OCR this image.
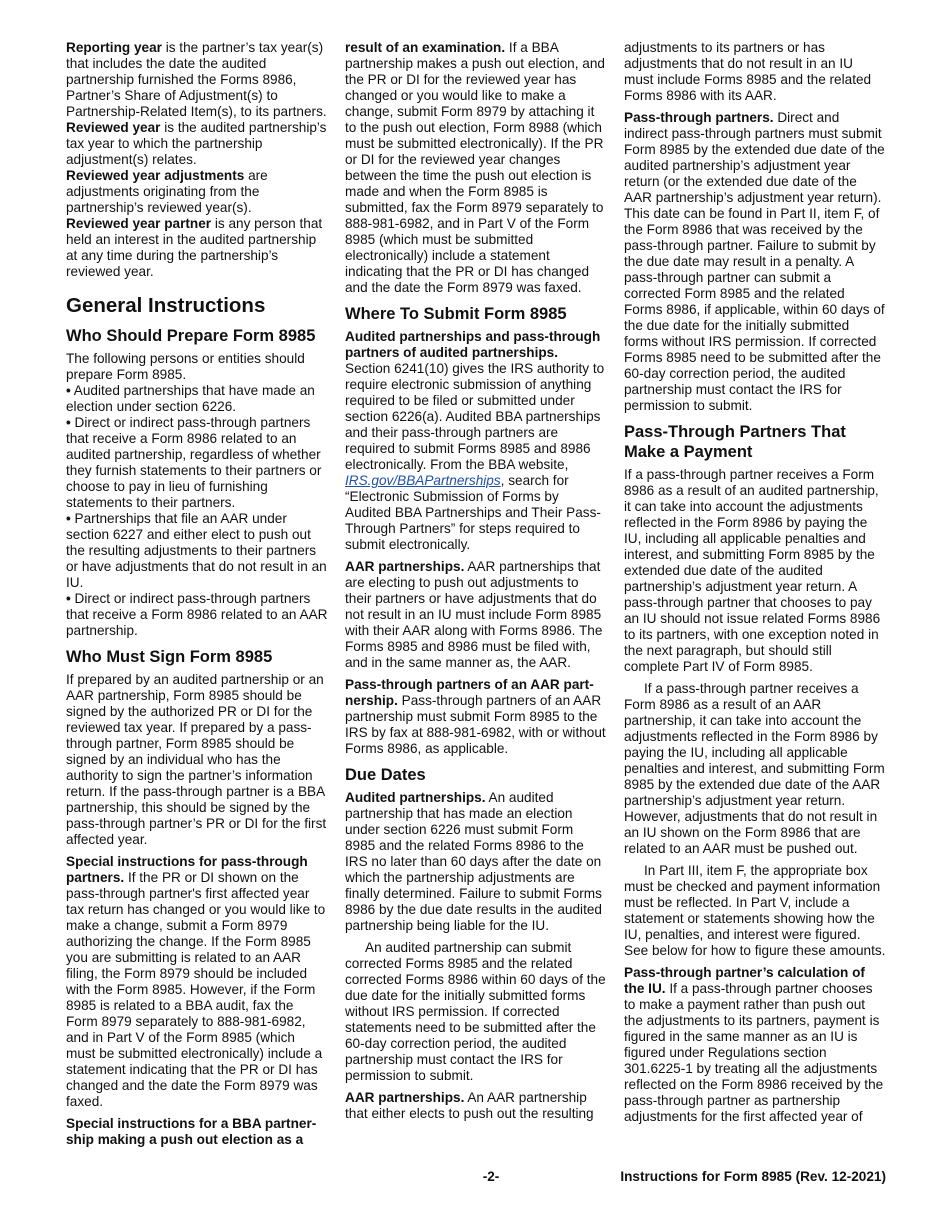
Reporting year is the partner’s tax year(s) that includes the date the audited partnership furnished the Forms 8986, Partner’s Share of Adjustment(s) to Partnership-Related Item(s), to its partners.

Reviewed year is the audited partnership’s tax year to which the partnership adjustment(s) relates.

Reviewed year adjustments are adjustments originating from the partnership’s reviewed year(s).

Reviewed year partner is any person that held an interest in the audited partnership at any time during the partnership’s reviewed year.

General Instructions
Who Should Prepare Form 8985

The following persons or entities should prepare Form 8985.

• Audited partnerships that have made an election under section 6226.

• Direct or indirect pass-through partners that receive a Form 8986 related to an audited partnership, regardless of whether they furnish statements to their partners or choose to pay in lieu of furnishing statements to their partners.

• Partnerships that file an AAR under section 6227 and either elect to push out the resulting adjustments to their partners or have adjustments that do not result in an IU.

• Direct or indirect pass-through partners that receive a Form 8986 related to an AAR partnership.

Who Must Sign Form 8985

If prepared by an audited partnership or an AAR partnership, Form 8985 should be signed by the authorized PR or DI for the reviewed tax year. If prepared by a pass-through partner, Form 8985 should be signed by an individual who has the authority to sign the partner’s information return. If the pass-through partner is a BBA partnership, this should be signed by the pass-through partner’s PR or DI for the first affected year.

Special instructions for pass-through partners. If the PR or DI shown on the pass-through partner's first affected year tax return has changed or you would like to make a change, submit a Form 8979 authorizing the change. If the Form 8985 you are submitting is related to an AAR filing, the Form 8979 should be included with the Form 8985. However, if the Form 8985 is related to a BBA audit, fax the Form 8979 separately to 888-981-6982, and in Part V of the Form 8985 (which must be submitted electronically) include a statement indicating that the PR or DI has changed and the date the Form 8979 was faxed.

Special instructions for a BBA partnership making a push out election as a

result of an examination. If a BBA partnership makes a push out election, and the PR or DI for the reviewed year has changed or you would like to make a change, submit Form 8979 by attaching it to the push out election, Form 8988 (which must be submitted electronically). If the PR or DI for the reviewed year changes between the time the push out election is made and when the Form 8985 is submitted, fax the Form 8979 separately to 888-981-6982, and in Part V of the Form 8985 (which must be submitted electronically) include a statement indicating that the PR or DI has changed and the date the Form 8979 was faxed.

Where To Submit Form 8985

Audited partnerships and pass-through partners of audited partnerships. Section 6241(10) gives the IRS authority to require electronic submission of anything required to be filed or submitted under section 6226(a). Audited BBA partnerships and their pass-through partners are required to submit Forms 8985 and 8986 electronically. From the BBA website, IRS.gov/BBAPartnerships, search for “Electronic Submission of Forms by Audited BBA Partnerships and Their Pass-Through Partners” for steps required to submit electronically.

AAR partnerships. AAR partnerships that are electing to push out adjustments to their partners or have adjustments that do not result in an IU must include Form 8985 with their AAR along with Forms 8986. The Forms 8985 and 8986 must be filed with, and in the same manner as, the AAR.

Pass-through partners of an AAR partnership. Pass-through partners of an AAR partnership must submit Form 8985 to the IRS by fax at 888-981-6982, with or without Forms 8986, as applicable.

Due Dates

Audited partnerships. An audited partnership that has made an election under section 6226 must submit Form 8985 and the related Forms 8986 to the IRS no later than 60 days after the date on which the partnership adjustments are finally determined. Failure to submit Forms 8986 by the due date results in the audited partnership being liable for the IU.

An audited partnership can submit corrected Forms 8985 and the related corrected Forms 8986 within 60 days of the due date for the initially submitted forms without IRS permission. If corrected statements need to be submitted after the 60-day correction period, the audited partnership must contact the IRS for permission to submit.

AAR partnerships. An AAR partnership that either elects to push out the resulting

adjustments to its partners or has adjustments that do not result in an IU must include Forms 8985 and the related Forms 8986 with its AAR.

Pass-through partners. Direct and indirect pass-through partners must submit Form 8985 by the extended due date of the audited partnership’s adjustment year return (or the extended due date of the AAR partnership’s adjustment year return). This date can be found in Part II, item F, of the Form 8986 that was received by the pass-through partner. Failure to submit by the due date may result in a penalty. A pass-through partner can submit a corrected Form 8985 and the related Forms 8986, if applicable, within 60 days of the due date for the initially submitted forms without IRS permission. If corrected Forms 8985 need to be submitted after the 60-day correction period, the audited partnership must contact the IRS for permission to submit.

Pass-Through Partners That Make a Payment

If a pass-through partner receives a Form 8986 as a result of an audited partnership, it can take into account the adjustments reflected in the Form 8986 by paying the IU, including all applicable penalties and interest, and submitting Form 8985 by the extended due date of the audited partnership’s adjustment year return. A pass-through partner that chooses to pay an IU should not issue related Forms 8986 to its partners, with one exception noted in the next paragraph, but should still complete Part IV of Form 8985.

If a pass-through partner receives a Form 8986 as a result of an AAR partnership, it can take into account the adjustments reflected in the Form 8986 by paying the IU, including all applicable penalties and interest, and submitting Form 8985 by the extended due date of the AAR partnership’s adjustment year return. However, adjustments that do not result in an IU shown on the Form 8986 that are related to an AAR must be pushed out.

In Part III, item F, the appropriate box must be checked and payment information must be reflected. In Part V, include a statement or statements showing how the IU, penalties, and interest were figured. See below for how to figure these amounts.

Pass-through partner’s calculation of the IU. If a pass-through partner chooses to make a payment rather than push out the adjustments to its partners, payment is figured in the same manner as an IU is figured under Regulations section 301.6225-1 by treating all the adjustments reflected on the Form 8986 received by the pass-through partner as partnership adjustments for the first affected year of

-2-	Instructions for Form 8985 (Rev. 12-2021)
